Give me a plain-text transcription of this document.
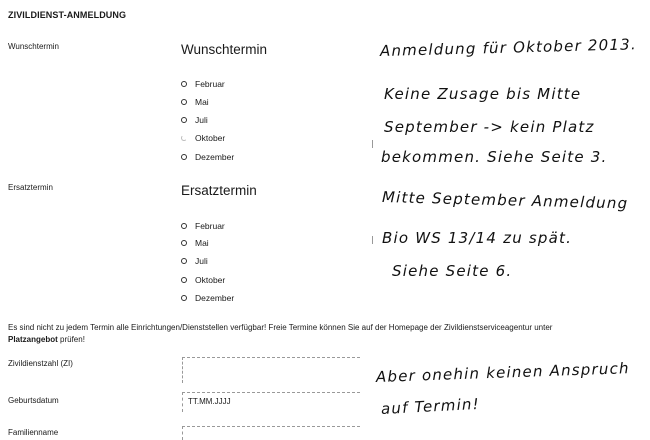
ZIVILDIENST-ANMELDUNG
Wunschtermin	Wunschtermin
Februar
Mai
Juli
Oktober
Dezember
Ersatztermin	Ersatztermin
Februar
Mai
Juli
Oktober
Dezember
Anmeldung für Oktober 2013.
Keine Zusage bis Mitte
September -> kein Platz
bekommen. Siehe Seite 3.
Mitte September Anmeldung
Bio WS 13/14 zu spät.
Siehe Seite 6.
Aber onehin keinen Anspruch
auf Termin!
Es sind nicht zu jedem Termin alle Einrichtungen/Dienststellen verfügbar! Freie Termine können Sie auf der Homepage der Zivildienstserviceagentur unter
Platzangebot prüfen!
Zivildienstzahl (ZI)
Geburtsdatum	TT.MM.JJJJ
Familienname
